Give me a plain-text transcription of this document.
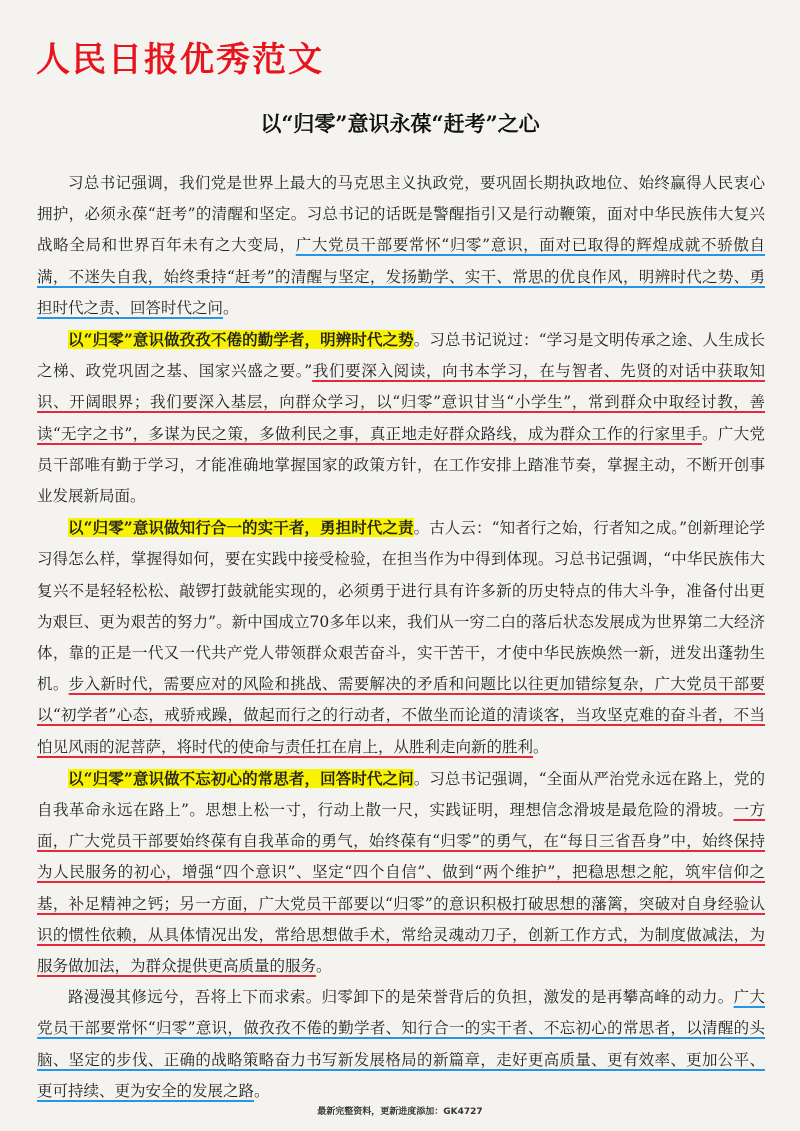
人民日报优秀范文
以“归零”意识永葆“赶考”之心

习总书记强调，我们党是世界上最大的马克思主义执政党，要巩固长期执政地位、始终赢得人民衷心拥护，必须永葆“赶考”的清醒和坚定。习总书记的话既是警醒指引又是行动鞭策，面对中华民族伟大复兴战略全局和世界百年未有之大变局，广大党员干部要常怀“归零”意识，面对已取得的辉煌成就不骄傲自满，不迷失自我，始终秉持“赶考”的清醒与坚定，发扬勤学、实干、常思的优良作风，明辨时代之势、勇担时代之责、回答时代之问。

以“归零”意识做孜孜不倦的勤学者，明辨时代之势。习总书记说过：“学习是文明传承之途、人生成长之梯、政党巩固之基、国家兴盛之要。”我们要深入阅读，向书本学习，在与智者、先贤的对话中获取知识、开阔眼界；我们要深入基层，向群众学习，以“归零”意识甘当“小学生”，常到群众中取经讨教，善读“无字之书”，多谋为民之策，多做利民之事，真正地走好群众路线，成为群众工作的行家里手。广大党员干部唯有勤于学习，才能准确地掌握国家的政策方针，在工作安排上踏准节奏，掌握主动，不断开创事业发展新局面。

以“归零”意识做知行合一的实干者，勇担时代之责。古人云：“知者行之始，行者知之成。”创新理论学习得怎么样，掌握得如何，要在实践中接受检验，在担当作为中得到体现。习总书记强调，“中华民族伟大复兴不是轻轻松松、敲锣打鼓就能实现的，必须勇于进行具有许多新的历史特点的伟大斗争，准备付出更为艰巨、更为艰苦的努力”。新中国成立70多年以来，我们从一穷二白的落后状态发展成为世界第二大经济体，靠的正是一代又一代共产党人带领群众艰苦奋斗，实干苦干，才使中华民族焕然一新，迸发出蓬勃生机。步入新时代，需要应对的风险和挑战、需要解决的矛盾和问题比以往更加错综复杂，广大党员干部要以“初学者”心态，戒骄戒躁，做起而行之的行动者，不做坐而论道的清谈客，当攻坚克难的奋斗者，不当怕见风雨的泥菩萨，将时代的使命与责任扛在肩上，从胜利走向新的胜利。

以“归零”意识做不忘初心的常思者，回答时代之问。习总书记强调，“全面从严治党永远在路上，党的自我革命永远在路上”。思想上松一寸，行动上散一尺，实践证明，理想信念滑坡是最危险的滑坡。一方面，广大党员干部要始终葆有自我革命的勇气，始终葆有“归零”的勇气，在“每日三省吾身”中，始终保持为人民服务的初心，增强“四个意识”、坚定“四个自信”、做到“两个维护”，把稳思想之舵，筑牢信仰之基，补足精神之钙；另一方面，广大党员干部要以“归零”的意识积极打破思想的藩篱，突破对自身经验认识的惯性依赖，从具体情况出发，常给思想做手术，常给灵魂动刀子，创新工作方式，为制度做减法，为服务做加法，为群众提供更高质量的服务。

路漫漫其修远兮，吾将上下而求索。归零卸下的是荣誉背后的负担，激发的是再攀高峰的动力。广大党员干部要常怀“归零”意识，做孜孜不倦的勤学者、知行合一的实干者、不忘初心的常思者，以清醒的头脑、坚定的步伐、正确的战略策略奋力书写新发展格局的新篇章，走好更高质量、更有效率、更加公平、更可持续、更为安全的发展之路。

最新完整资料，更新进度添加：GK4727
